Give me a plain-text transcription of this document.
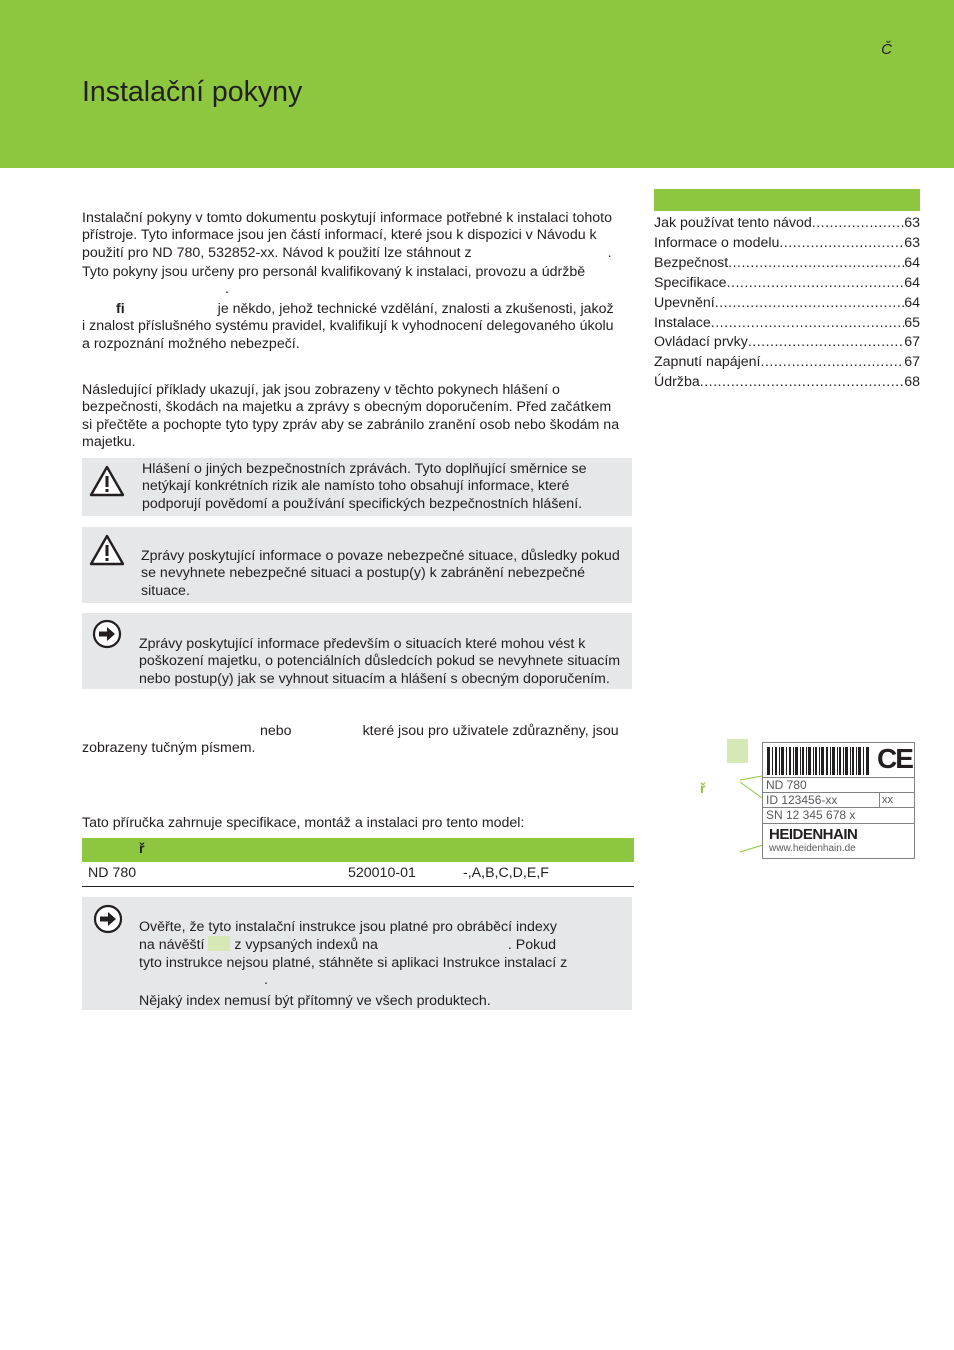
Č
Instalační pokyny

Instalační pokyny v tomto dokumentu poskytují informace potřebné k instalaci tohoto

přístroje. Tyto informace jsou jen částí informací, které jsou k dispozici v Návodu k

použití pro ND 780, 532852-xx. Návod k použití lze stáhnout z	.

Tyto pokyny jsou určeny pro personál kvalifikovaný k instalaci, provozu a údržbě

.

fi	je někdo, jehož technické vzdělání, znalosti a zkušenosti, jakož

i znalost příslušného systému pravidel, kvalifikují k vyhodnocení delegovaného úkolu

a rozpoznání možného nebezpečí.

Následující příklady ukazují, jak jsou zobrazeny v těchto pokynech hlášení o

bezpečnosti, škodách na majetku a zprávy s obecným doporučením. Před začátkem

si přečtěte a pochopte tyto typy zpráv aby se zabránilo zranění osob nebo škodám na

majetku.

Hlášení o jiných bezpečnostních zprávách. Tyto doplňující směrnice se
netýkají konkrétních rizik ale namísto toho obsahují informace, které
podporují povědomí a používání specifických bezpečnostních hlášení.
Zprávy poskytující informace o povaze nebezpečné situace, důsledky pokud
se nevyhnete nebezpečné situaci a postup(y) k zabránění nebezpečné
situace.
Zprávy poskytující informace především o situacích které mohou vést k
poškození majetku, o potenciálních důsledcích pokud se nevyhnete situacím
nebo postup(y) jak se vyhnout situacím a hlášení s obecným doporučením.

nebo	které jsou pro uživatele zdůrazněny, jsou

zobrazeny tučným písmem.

Tato příručka zahrnuje specifikace, montáž a instalaci pro tento model:
ř
ND 780	520010-01	-,A,B,C,D,E,F
Ověřte, že tyto instalační instrukce jsou platné pro obráběcí indexy
na návěští z vypsaných indexů na	. Pokud
tyto instrukce nejsou platné, stáhněte si aplikaci Instrukce instalací z
.
Nějaký index nemusí být přítomný ve všech produktech.
Jak používat tento návod .....	63
Informace o modelu .....	63
Bezpečnost .....	64
Specifikace .....	64
Upevnění .....	64
Instalace .....	65
Ovládací prvky .....	67
Zapnutí napájení .....	67
Údržba .....	68
ř
CE
ND 780
ID 123456-xx	xx
SN 12 345 678 x
HEIDENHAIN
www.heidenhain.de
